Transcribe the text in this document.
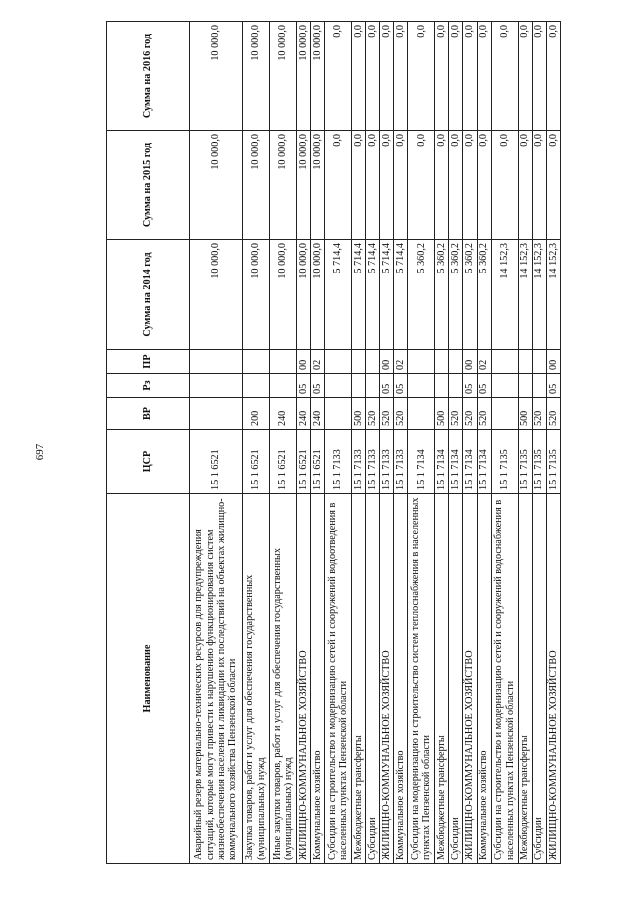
697
Наименование	ЦСР	ВР	Рз	ПР	Сумма на 2014 год	Сумма на 2015 год	Сумма на 2016 год
Аварийный резерв материально-технических ресурсов для предупреждения ситуаций, которые могут привести к нарушению функционирования систем жизнеобеспечения населения и ликвидации их последствий на объектах жилищно-коммунального хозяйства Пензенской области	15 1 6521				10 000,0	10 000,0	10 000,0
Закупка товаров, работ и услуг для обеспечения государственных (муниципальных) нужд	15 1 6521	200			10 000,0	10 000,0	10 000,0
Иные закупки товаров, работ и услуг для обеспечения государственных (муниципальных) нужд	15 1 6521	240			10 000,0	10 000,0	10 000,0
ЖИЛИЩНО-КОММУНАЛЬНОЕ ХОЗЯЙСТВО	15 1 6521	240	05	00	10 000,0	10 000,0	10 000,0
Коммунальное хозяйство	15 1 6521	240	05	02	10 000,0	10 000,0	10 000,0
Субсидии на строительство и модернизацию сетей и сооружений водоотведения в населенных пунктах Пензенской области	15 1 7133				5 714,4	0,0	0,0
Межбюджетные трансферты	15 1 7133	500			5 714,4	0,0	0,0
Субсидии	15 1 7133	520			5 714,4	0,0	0,0
ЖИЛИЩНО-КОММУНАЛЬНОЕ ХОЗЯЙСТВО	15 1 7133	520	05	00	5 714,4	0,0	0,0
Коммунальное хозяйство	15 1 7133	520	05	02	5 714,4	0,0	0,0
Субсидии на модернизацию и строительство систем теплоснабжения в населенных пунктах Пензенской области	15 1 7134				5 360,2	0,0	0,0
Межбюджетные трансферты	15 1 7134	500			5 360,2	0,0	0,0
Субсидии	15 1 7134	520			5 360,2	0,0	0,0
ЖИЛИЩНО-КОММУНАЛЬНОЕ ХОЗЯЙСТВО	15 1 7134	520	05	00	5 360,2	0,0	0,0
Коммунальное хозяйство	15 1 7134	520	05	02	5 360,2	0,0	0,0
Субсидии на строительство и модернизацию сетей и сооружений водоснабжения в населенных пунктах Пензенской области	15 1 7135				14 152,3	0,0	0,0
Межбюджетные трансферты	15 1 7135	500			14 152,3	0,0	0,0
Субсидии	15 1 7135	520			14 152,3	0,0	0,0
ЖИЛИЩНО-КОММУНАЛЬНОЕ ХОЗЯЙСТВО	15 1 7135	520	05	00	14 152,3	0,0	0,0
